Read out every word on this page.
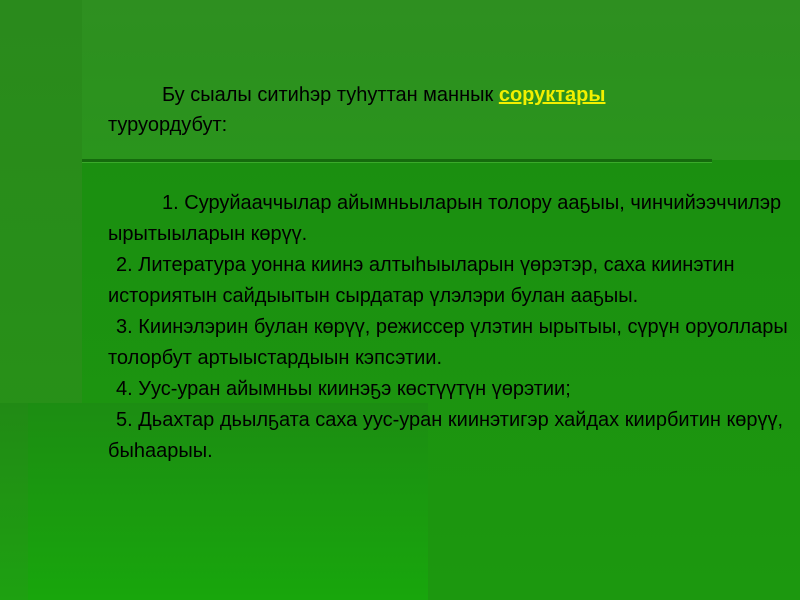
Бу сыалы ситиһэр туһуттан маннык соруктары
туруордубут:

1. Суруйааччылар айымньыларын толору ааҕыы, чинчийээччилэр ырытыыларын көрүү.

2. Литература уонна киинэ алтыһыыларын үөрэтэр, саха киинэтин историятын сайдыытын сырдатар үлэлэри булан ааҕыы.

3. Киинэлэрин булан көрүү, режиссер үлэтин ырытыы, сүрүн оруоллары толорбут артыыстардыын кэпсэтии.

4. Уус-уран айымньы киинэҕэ көстүүтүн үөрэтии;

5. Дьахтар дьылҕата саха уус-уран киинэтигэр хайдах киирбитин көрүү, быһаарыы.
